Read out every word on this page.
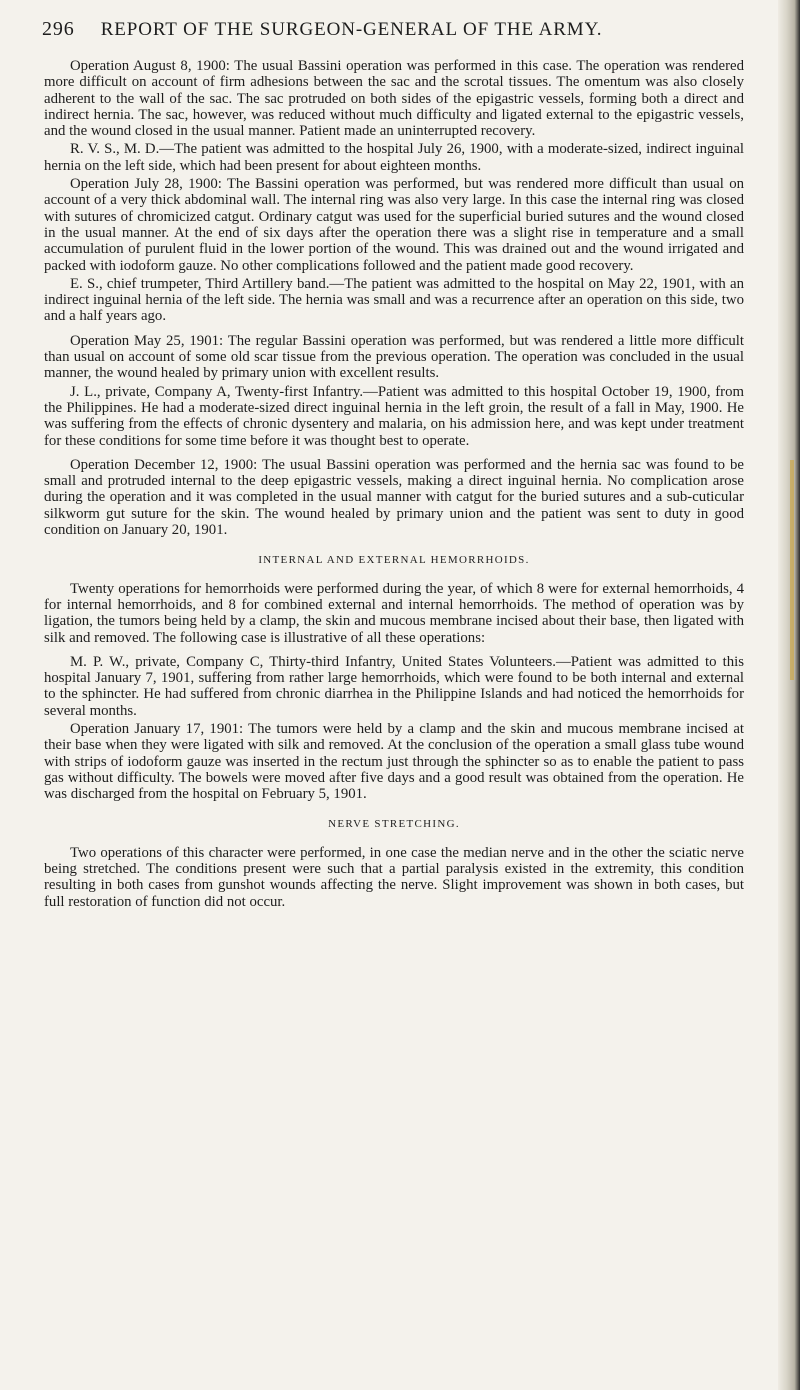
296 REPORT OF THE SURGEON-GENERAL OF THE ARMY.

Operation August 8, 1900: The usual Bassini operation was performed in this case. The operation was rendered more difficult on account of firm adhesions between the sac and the scrotal tissues. The omentum was also closely adherent to the wall of the sac. The sac protruded on both sides of the epigastric vessels, forming both a direct and indirect hernia. The sac, however, was reduced without much difficulty and ligated external to the epigastric vessels, and the wound closed in the usual manner. Patient made an uninterrupted recovery.

R. V. S., M. D.—The patient was admitted to the hospital July 26, 1900, with a moderate-sized, indirect inguinal hernia on the left side, which had been present for about eighteen months.

Operation July 28, 1900: The Bassini operation was performed, but was rendered more difficult than usual on account of a very thick abdominal wall. The internal ring was also very large. In this case the internal ring was closed with sutures of chromicized catgut. Ordinary catgut was used for the superficial buried sutures and the wound closed in the usual manner. At the end of six days after the operation there was a slight rise in temperature and a small accumulation of purulent fluid in the lower portion of the wound. This was drained out and the wound irrigated and packed with iodoform gauze. No other complications followed and the patient made good recovery.

E. S., chief trumpeter, Third Artillery band.—The patient was admitted to the hospital on May 22, 1901, with an indirect inguinal hernia of the left side. The hernia was small and was a recurrence after an operation on this side, two and a half years ago.

Operation May 25, 1901: The regular Bassini operation was performed, but was rendered a little more difficult than usual on account of some old scar tissue from the previous operation. The operation was concluded in the usual manner, the wound healed by primary union with excellent results.

J. L., private, Company A, Twenty-first Infantry.—Patient was admitted to this hospital October 19, 1900, from the Philippines. He had a moderate-sized direct inguinal hernia in the left groin, the result of a fall in May, 1900. He was suffering from the effects of chronic dysentery and malaria, on his admission here, and was kept under treatment for these conditions for some time before it was thought best to operate.

Operation December 12, 1900: The usual Bassini operation was performed and the hernia sac was found to be small and protruded internal to the deep epigastric vessels, making a direct inguinal hernia. No complication arose during the operation and it was completed in the usual manner with catgut for the buried sutures and a sub-cuticular silkworm gut suture for the skin. The wound healed by primary union and the patient was sent to duty in good condition on January 20, 1901.

INTERNAL AND EXTERNAL HEMORRHOIDS.

Twenty operations for hemorrhoids were performed during the year, of which 8 were for external hemorrhoids, 4 for internal hemorrhoids, and 8 for combined external and internal hemorrhoids. The method of operation was by ligation, the tumors being held by a clamp, the skin and mucous membrane incised about their base, then ligated with silk and removed. The following case is illustrative of all these operations:

M. P. W., private, Company C, Thirty-third Infantry, United States Volunteers.—Patient was admitted to this hospital January 7, 1901, suffering from rather large hemorrhoids, which were found to be both internal and external to the sphincter. He had suffered from chronic diarrhea in the Philippine Islands and had noticed the hemorrhoids for several months.

Operation January 17, 1901: The tumors were held by a clamp and the skin and mucous membrane incised at their base when they were ligated with silk and removed. At the conclusion of the operation a small glass tube wound with strips of iodoform gauze was inserted in the rectum just through the sphincter so as to enable the patient to pass gas without difficulty. The bowels were moved after five days and a good result was obtained from the operation. He was discharged from the hospital on February 5, 1901.

NERVE STRETCHING.

Two operations of this character were performed, in one case the median nerve and in the other the sciatic nerve being stretched. The conditions present were such that a partial paralysis existed in the extremity, this condition resulting in both cases from gunshot wounds affecting the nerve. Slight improvement was shown in both cases, but full restoration of function did not occur.
